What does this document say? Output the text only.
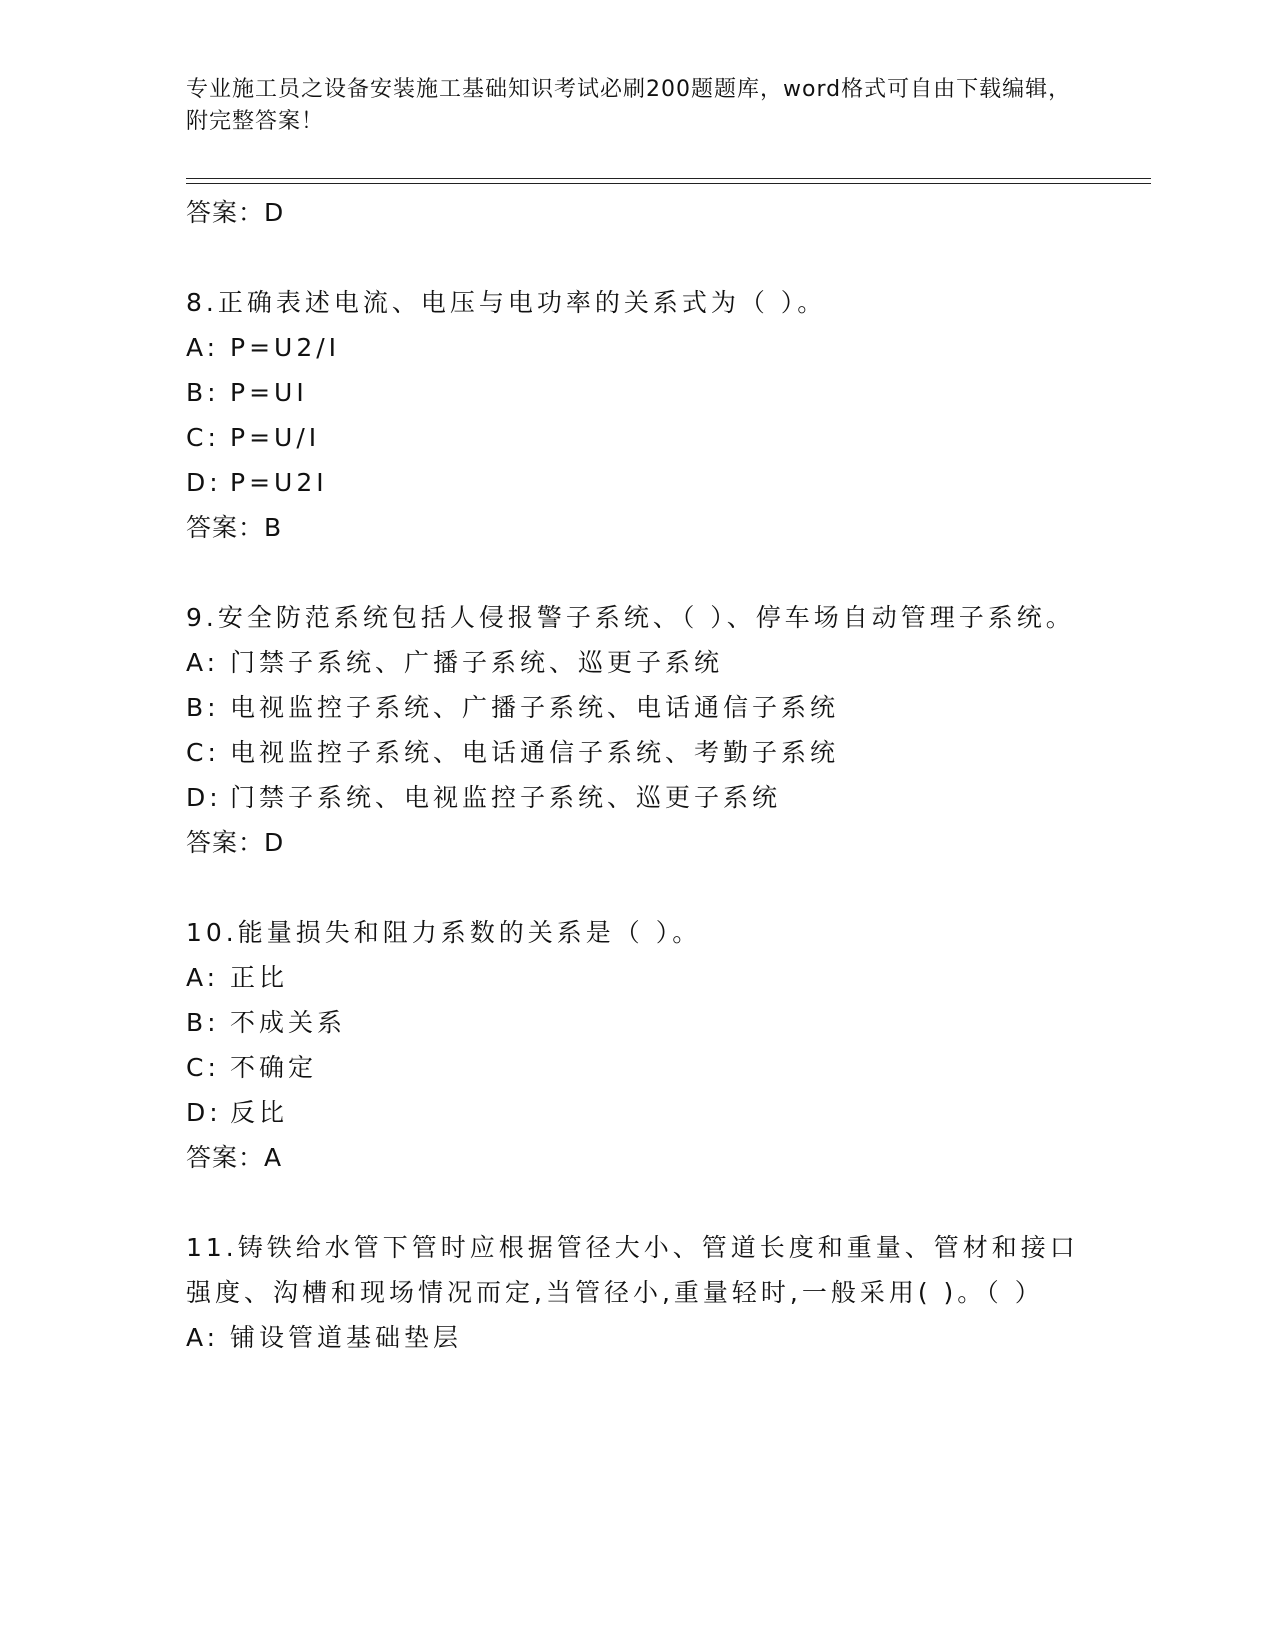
专业施工员之设备安装施工基础知识考试必刷200题题库，word格式可自由下载编辑，附完整答案！
答案：D
8.正确表述电流、电压与电功率的关系式为（ ）。
A: P=U2/I
B: P=UI
C: P=U/I
D: P=U2I
答案：B
9.安全防范系统包括人侵报警子系统、（ ）、停车场自动管理子系统。
A: 门禁子系统、广播子系统、巡更子系统
B: 电视监控子系统、广播子系统、电话通信子系统
C: 电视监控子系统、电话通信子系统、考勤子系统
D: 门禁子系统、电视监控子系统、巡更子系统
答案：D
10.能量损失和阻力系数的关系是（ ）。
A: 正比
B: 不成关系
C: 不确定
D: 反比
答案：A
11.铸铁给水管下管时应根据管径大小、管道长度和重量、管材和接口强度、沟槽和现场情况而定,当管径小,重量轻时,一般采用( )。（ ）
A: 铺设管道基础垫层
